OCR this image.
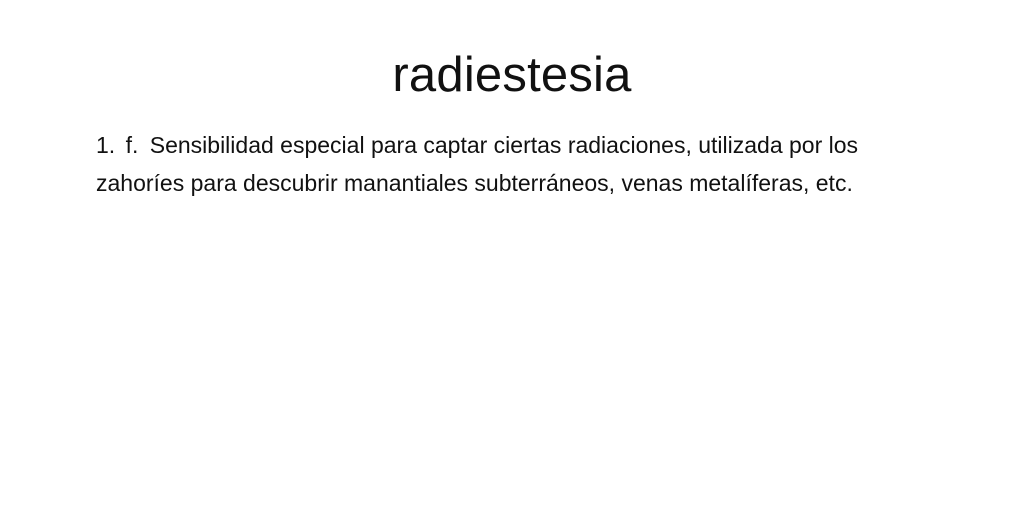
radiestesia

1. f. Sensibilidad especial para captar ciertas radiaciones, utilizada por los zahoríes para descubrir manantiales subterráneos, venas metalíferas, etc.
